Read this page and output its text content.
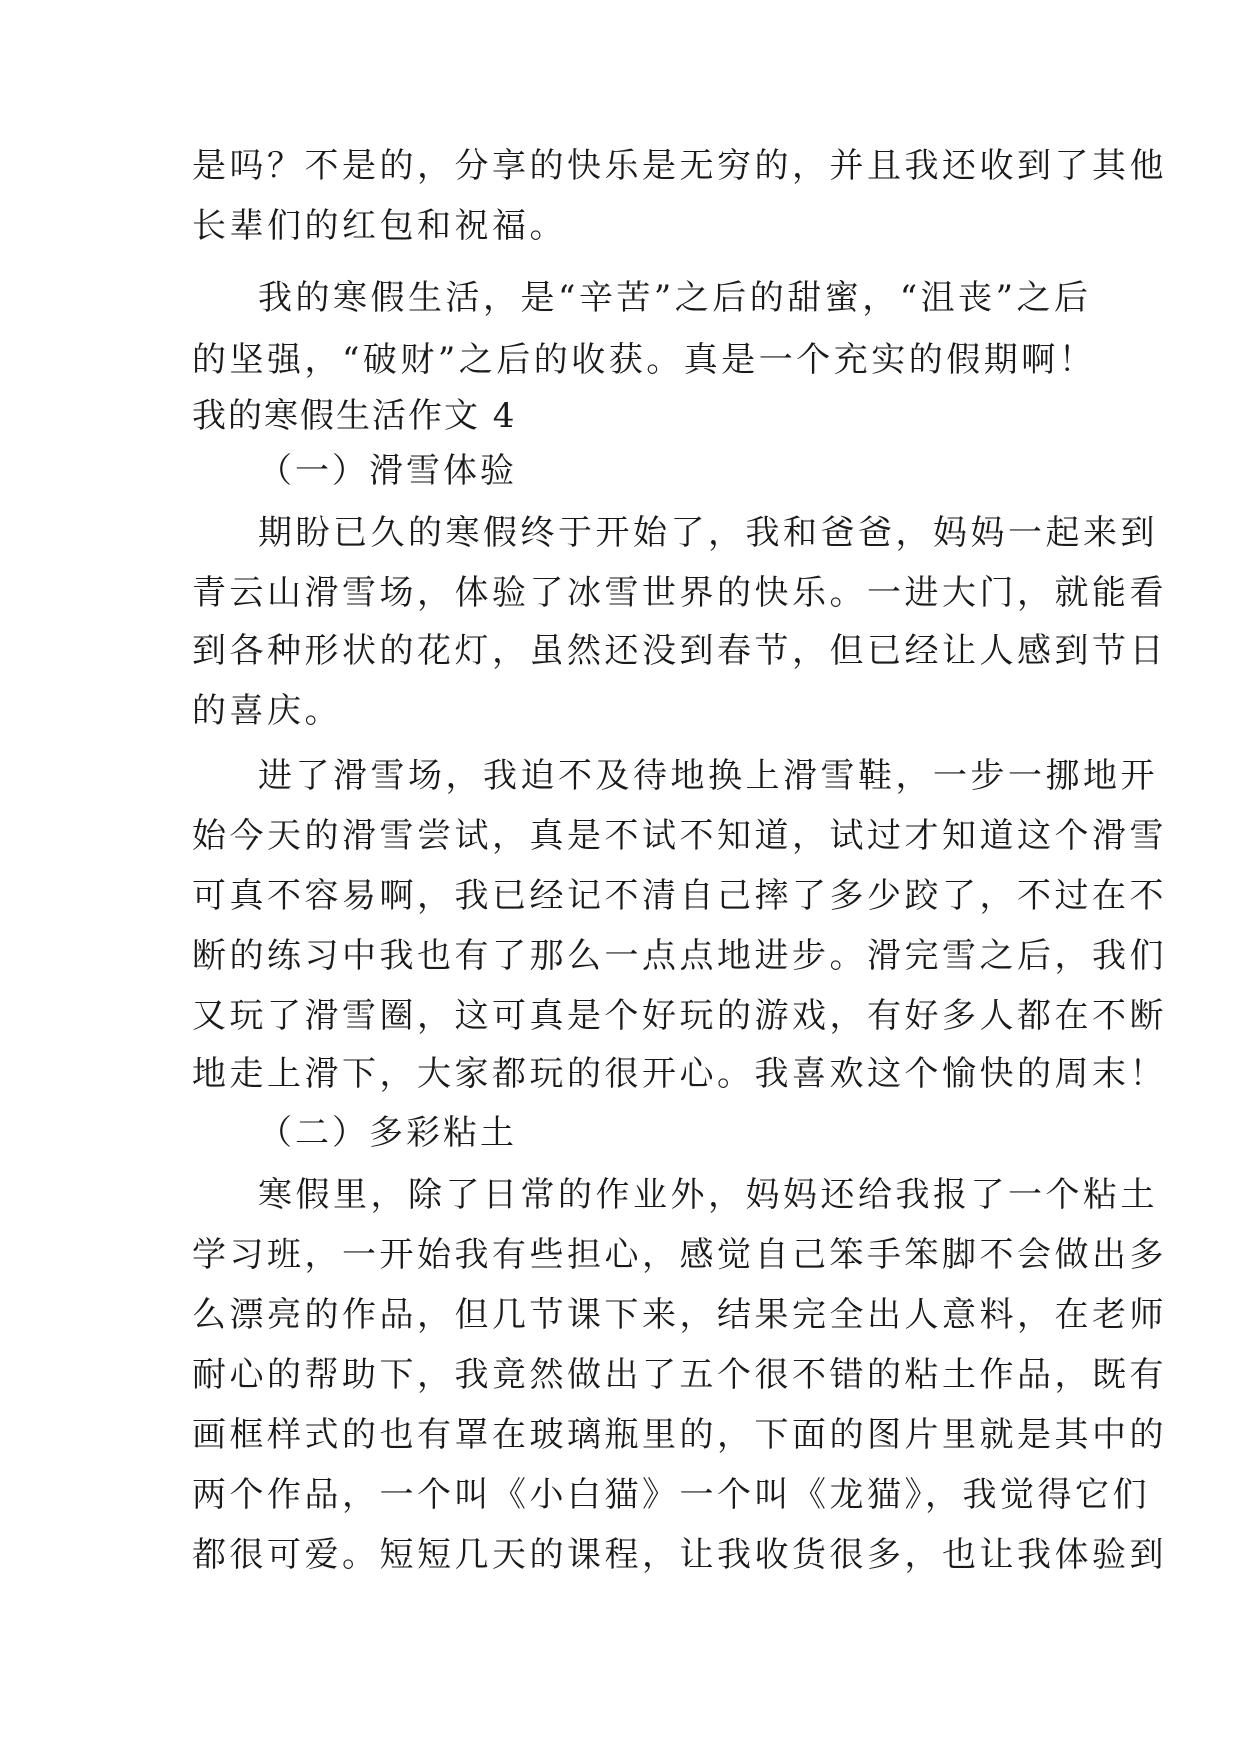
是吗？不是的，分享的快乐是无穷的，并且我还收到了其他
长辈们的红包和祝福。
我的寒假生活，是“辛苦”之后的甜蜜，“沮丧”之后
的坚强，“破财”之后的收获。真是一个充实的假期啊！
我的寒假生活作文 4
（一）滑雪体验
期盼已久的寒假终于开始了，我和爸爸，妈妈一起来到
青云山滑雪场，体验了冰雪世界的快乐。一进大门，就能看
到各种形状的花灯，虽然还没到春节，但已经让人感到节日
的喜庆。
进了滑雪场，我迫不及待地换上滑雪鞋，一步一挪地开
始今天的滑雪尝试，真是不试不知道，试过才知道这个滑雪
可真不容易啊，我已经记不清自己摔了多少跤了，不过在不
断的练习中我也有了那么一点点地进步。滑完雪之后，我们
又玩了滑雪圈，这可真是个好玩的游戏，有好多人都在不断
地走上滑下，大家都玩的很开心。我喜欢这个愉快的周末！
（二）多彩粘土
寒假里，除了日常的作业外，妈妈还给我报了一个粘土
学习班，一开始我有些担心，感觉自己笨手笨脚不会做出多
么漂亮的作品，但几节课下来，结果完全出人意料，在老师
耐心的帮助下，我竟然做出了五个很不错的粘土作品，既有
画框样式的也有罩在玻璃瓶里的，下面的图片里就是其中的
两个作品，一个叫《小白猫》一个叫《龙猫》，我觉得它们
都很可爱。短短几天的课程，让我收货很多，也让我体验到
